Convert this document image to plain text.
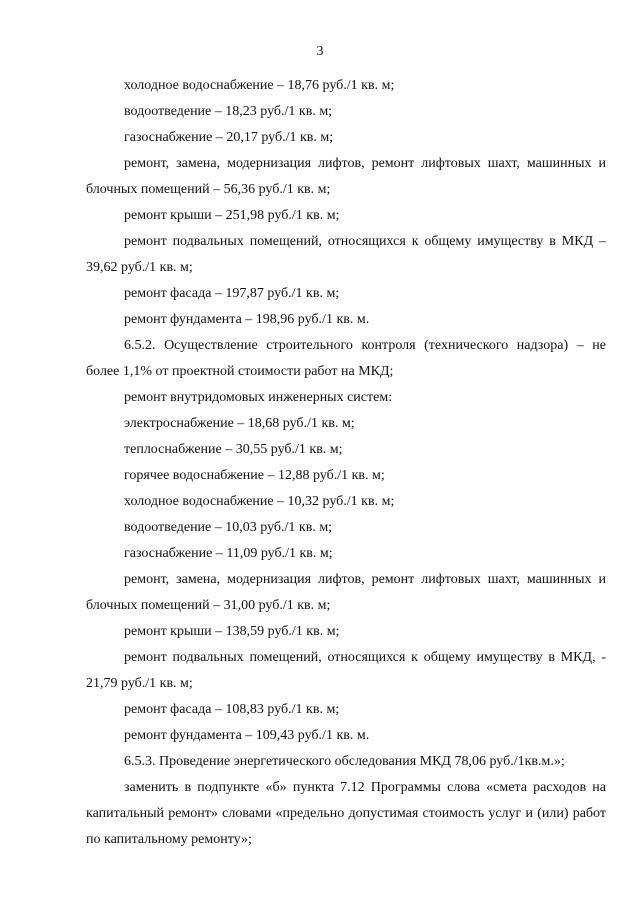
3

холодное водоснабжение – 18,76 руб./1 кв. м;

водоотведение – 18,23 руб./1 кв. м;

газоснабжение – 20,17 руб./1 кв. м;

ремонт, замена, модернизация лифтов, ремонт лифтовых шахт, машинных и блочных помещений – 56,36 руб./1 кв. м;

ремонт крыши – 251,98 руб./1 кв. м;

ремонт подвальных помещений, относящихся к общему имуществу в МКД – 39,62 руб./1 кв. м;

ремонт фасада – 197,87 руб./1 кв. м;

ремонт фундамента – 198,96 руб./1 кв. м.

6.5.2. Осуществление строительного контроля (технического надзора) – не более 1,1% от проектной стоимости работ на МКД;

ремонт внутридомовых инженерных систем:

электроснабжение – 18,68 руб./1 кв. м;

теплоснабжение – 30,55 руб./1 кв. м;

горячее водоснабжение – 12,88 руб./1 кв. м;

холодное водоснабжение – 10,32 руб./1 кв. м;

водоотведение – 10,03 руб./1 кв. м;

газоснабжение – 11,09 руб./1 кв. м;

ремонт, замена, модернизация лифтов, ремонт лифтовых шахт, машинных и блочных помещений – 31,00 руб./1 кв. м;

ремонт крыши – 138,59 руб./1 кв. м;

ремонт подвальных помещений, относящихся к общему имуществу в МКД, - 21,79 руб./1 кв. м;

ремонт фасада – 108,83 руб./1 кв. м;

ремонт фундамента – 109,43 руб./1 кв. м.

6.5.3. Проведение энергетического обследования МКД 78,06 руб./1кв.м.»;

заменить в подпункте «б» пункта 7.12 Программы слова «смета расходов на капитальный ремонт» словами «предельно допустимая стоимость услуг и (или) работ по капитальному ремонту»;
